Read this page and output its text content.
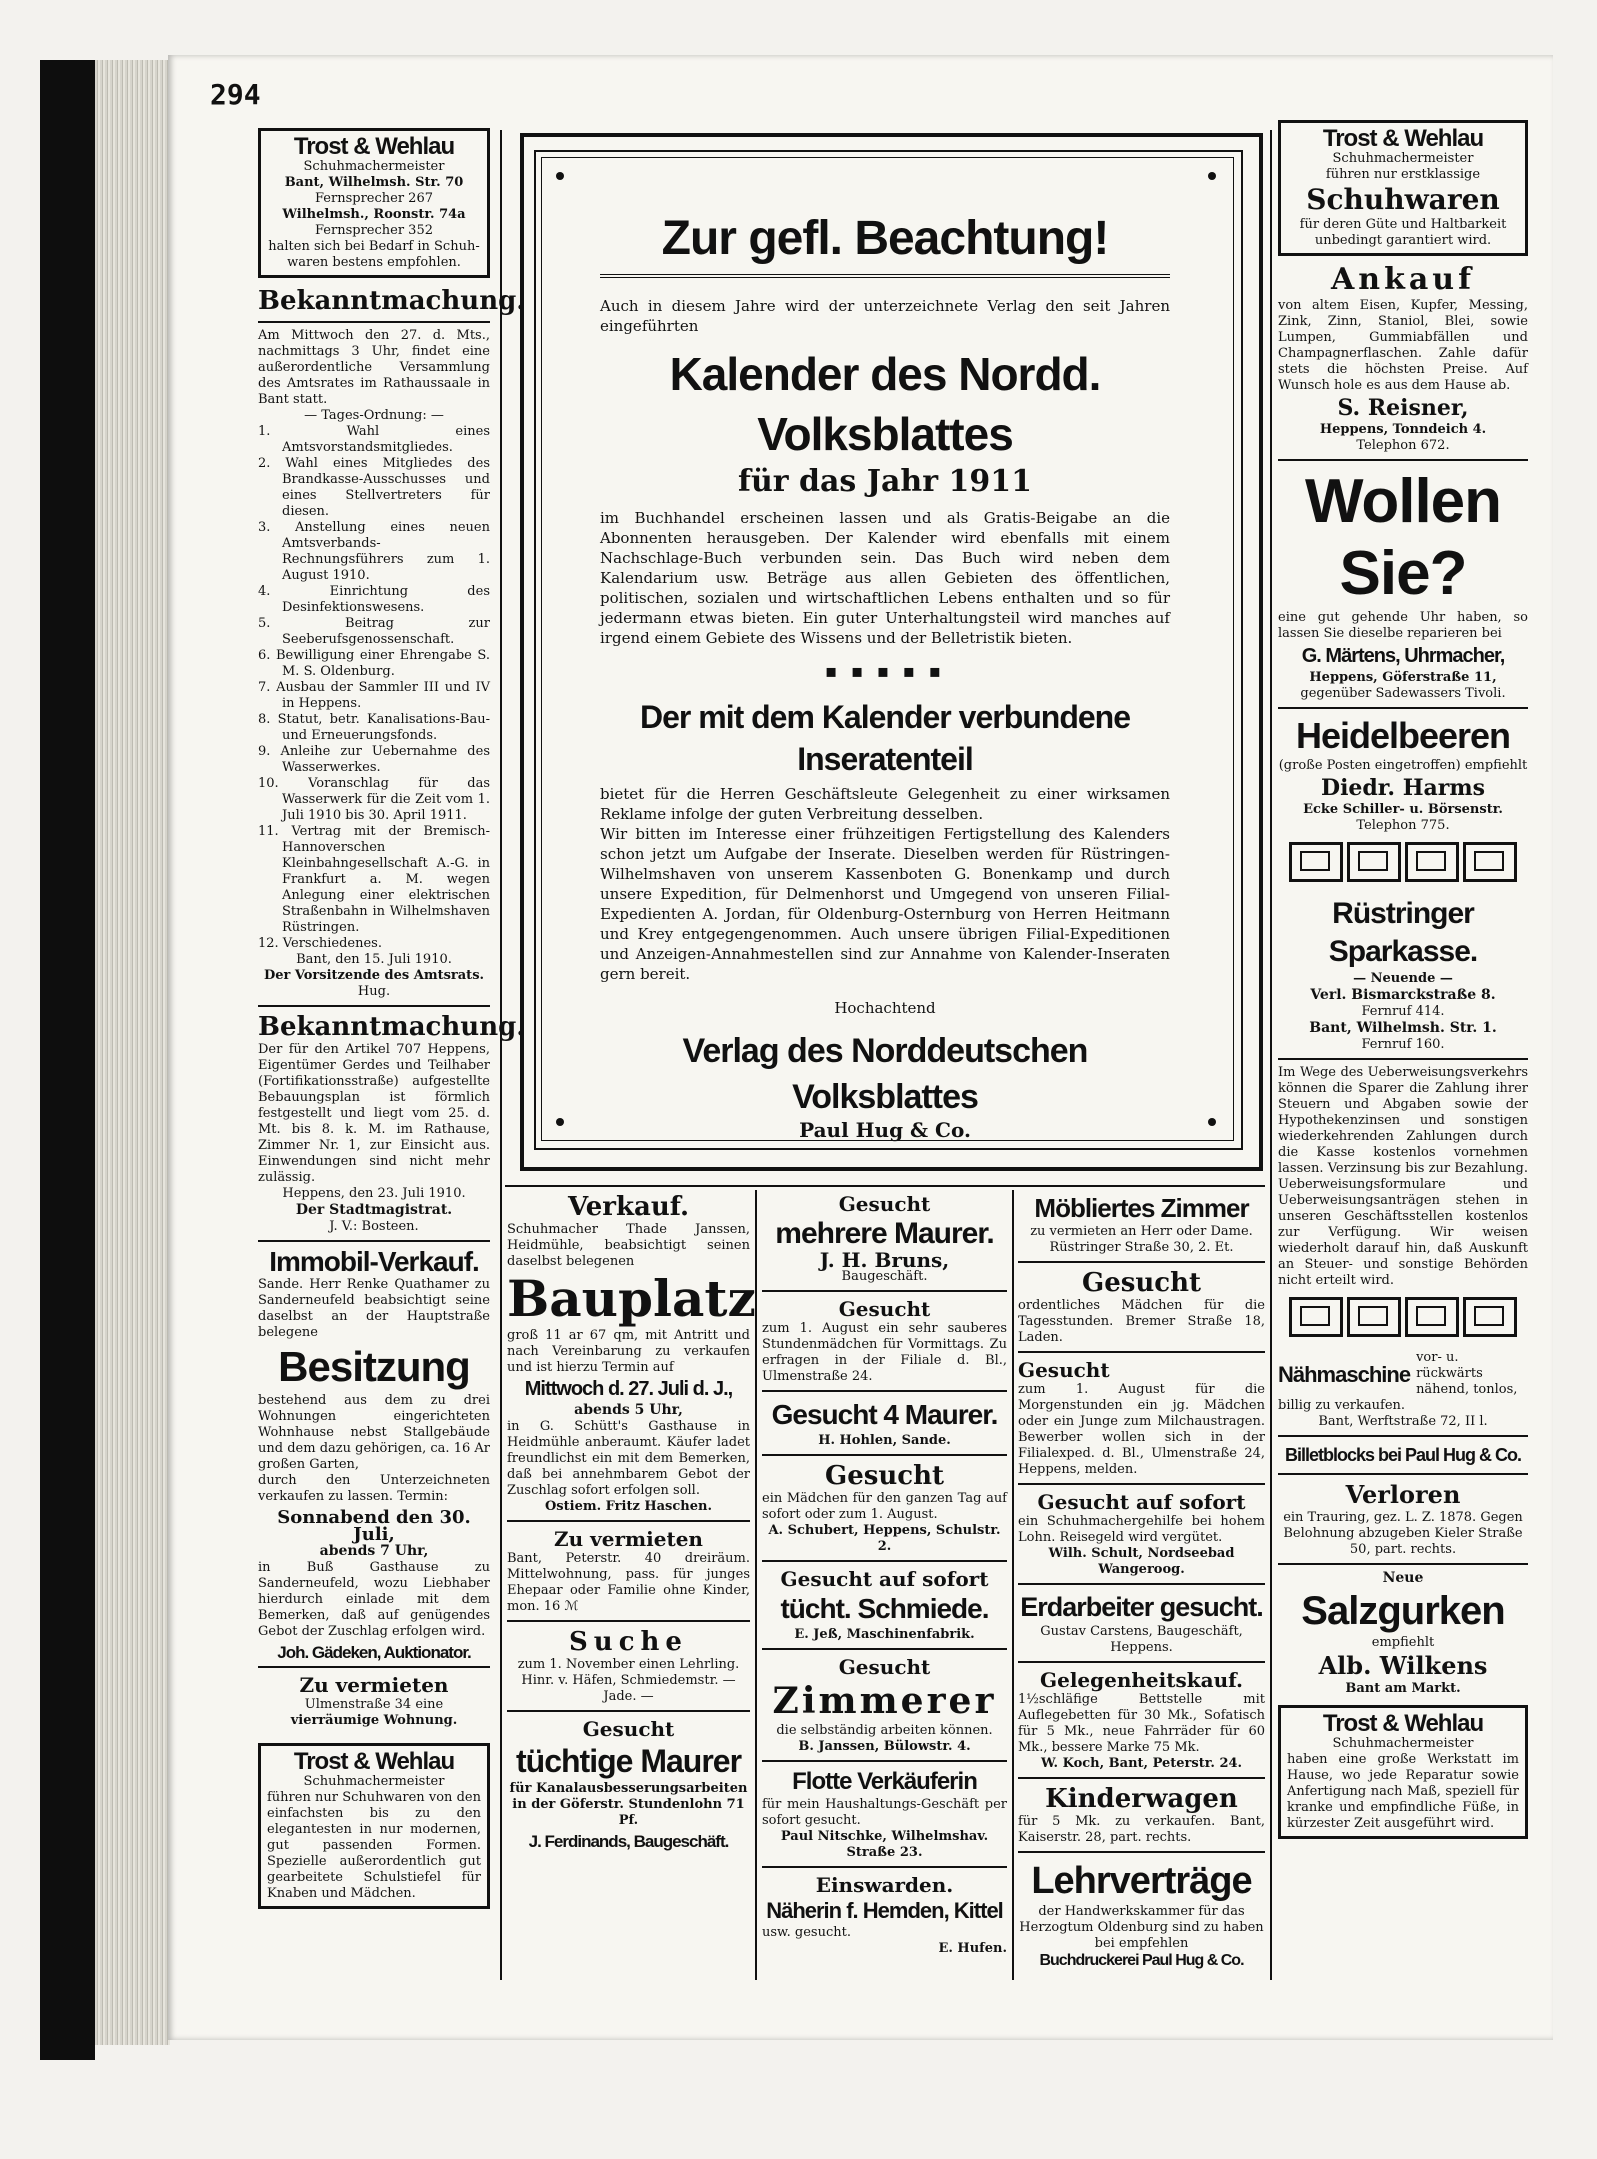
294
Trost & Wehlau
Schuhmachermeister
Bant, Wilhelmsh. Str. 70
Fernsprecher 267
Wilhelmsh., Roonstr. 74a
Fernsprecher 352
halten sich bei Bedarf in Schuh-
waren bestens empfohlen.
Bekanntmachung.
Am Mittwoch den 27. d. Mts., nachmittags 3 Uhr, findet eine außerordentliche Versammlung des Amtsrates im Rathaussaale in Bant statt.
— Tages-Ordnung: —

1. Wahl eines Amtsvorstandsmitgliedes.

2. Wahl eines Mitgliedes des Brandkasse-Ausschusses und eines Stellvertreters für diesen.

3. Anstellung eines neuen Amtsverbands-Rechnungsführers zum 1. August 1910.

4. Einrichtung des Desinfektionswesens.

5. Beitrag zur Seeberufsgenossenschaft.

6. Bewilligung einer Ehrengabe S. M. S. Oldenburg.

7. Ausbau der Sammler III und IV in Heppens.

8. Statut, betr. Kanalisations-Bau- und Erneuerungsfonds.

9. Anleihe zur Uebernahme des Wasserwerkes.

10. Voranschlag für das Wasserwerk für die Zeit vom 1. Juli 1910 bis 30. April 1911.

11. Vertrag mit der Bremisch-Hannoverschen Kleinbahngesellschaft A.-G. in Frankfurt a. M. wegen Anlegung einer elektrischen Straßenbahn in Wilhelmshaven Rüstringen.

12. Verschiedenes.

Bant, den 15. Juli 1910.
Der Vorsitzende des Amtsrats.
Hug.
Bekanntmachung.
Der für den Artikel 707 Heppens, Eigentümer Gerdes und Teilhaber (Fortifikationsstraße) aufgestellte Bebauungsplan ist förmlich festgestellt und liegt vom 25. d. Mt. bis 8. k. M. im Rathause, Zimmer Nr. 1, zur Einsicht aus. Einwendungen sind nicht mehr zulässig.
Heppens, den 23. Juli 1910.
Der Stadtmagistrat.
J. V.: Bosteen.
Immobil-Verkauf.
Sande. Herr Renke Quathamer zu Sanderneufeld beabsichtigt seine daselbst an der Hauptstraße belegene
Besitzung
bestehend aus dem zu drei Wohnungen eingerichteten Wohnhause nebst Stallgebäude und dem dazu gehörigen, ca. 16 Ar großen Garten,
durch den Unterzeichneten verkaufen zu lassen. Termin:
Sonnabend den 30. Juli,
abends 7 Uhr,
in Buß Gasthause zu Sanderneufeld, wozu Liebhaber hierdurch einlade mit dem Bemerken, daß auf genügendes Gebot der Zuschlag erfolgen wird.
Joh. Gädeken, Auktionator.
Zu vermieten
Ulmenstraße 34 eine
vierräumige Wohnung.
Trost & Wehlau
Schuhmachermeister
führen nur Schuhwaren von den einfachsten bis zu den elegantesten in nur modernen, gut passenden Formen. Spezielle außerordentlich gut gearbeitete Schulstiefel für Knaben und Mädchen.
Zur gefl. Beachtung!
Auch in diesem Jahre wird der unterzeichnete Verlag den seit Jahren eingeführten
Kalender des Nordd. Volksblattes
für das Jahr 1911
im Buchhandel erscheinen lassen und als Gratis-Beigabe an die Abonnenten herausgeben. Der Kalender wird ebenfalls mit einem Nachschlage-Buch verbunden sein. Das Buch wird neben dem Kalendarium usw. Beträge aus allen Gebieten des öffentlichen, politischen, sozialen und wirtschaftlichen Lebens enthalten und so für jedermann etwas bieten. Ein guter Unterhaltungsteil wird manches auf irgend einem Gebiete des Wissens und der Belletristik bieten.
▪ ▪ ▪ ▪ ▪
Der mit dem Kalender verbundene Inseratenteil
bietet für die Herren Geschäftsleute Gelegenheit zu einer wirksamen Reklame infolge der guten Verbreitung desselben.
Wir bitten im Interesse einer frühzeitigen Fertigstellung des Kalenders schon jetzt um Aufgabe der Inserate. Dieselben werden für Rüstringen-Wilhelmshaven von unserem Kassenboten G. Bonenkamp und durch unsere Expedition, für Delmenhorst und Umgegend von unseren Filial-Expedienten A. Jordan, für Oldenburg-Osternburg von Herren Heitmann und Krey entgegengenommen. Auch unsere übrigen Filial-Expeditionen und Anzeigen-Annahmestellen sind zur Annahme von Kalender-Inseraten gern bereit.
Hochachtend
Verlag des Norddeutschen Volksblattes
Paul Hug & Co.
Verkauf.
Schuhmacher Thade Janssen, Heidmühle, beabsichtigt seinen daselbst belegenen
Bauplatz
groß 11 ar 67 qm, mit Antritt und nach Vereinbarung zu verkaufen und ist hierzu Termin auf
Mittwoch d. 27. Juli d. J.,
abends 5 Uhr,
in G. Schütt's Gasthause in Heidmühle anberaumt. Käufer ladet freundlichst ein mit dem Bemerken, daß bei annehmbarem Gebot der Zuschlag sofort erfolgen soll.
Ostiem. Fritz Haschen.
Zu vermieten
Bant, Peterstr. 40 dreiräum. Mittelwohnung, pass. für junges Ehepaar oder Familie ohne Kinder, mon. 16 ℳ
Suche
zum 1. November einen Lehrling. Hinr. v. Häfen, Schmiedemstr. — Jade. —
Gesucht
tüchtige Maurer
für Kanalausbesserungsarbeiten in der Göferstr. Stundenlohn 71 Pf.
J. Ferdinands, Baugeschäft.
Gesucht
mehrere Maurer.
J. H. Bruns,
Baugeschäft.
Gesucht
zum 1. August ein sehr sauberes Stundenmädchen für Vormittags. Zu erfragen in der Filiale d. Bl., Ulmenstraße 24.
Gesucht 4 Maurer.
H. Hohlen, Sande.
Gesucht
ein Mädchen für den ganzen Tag auf sofort oder zum 1. August.
A. Schubert, Heppens, Schulstr. 2.
Gesucht auf sofort
tücht. Schmiede.
E. Jeß, Maschinenfabrik.
Gesucht
Zimmerer
die selbständig arbeiten können.
B. Janssen, Bülowstr. 4.
Flotte Verkäuferin
für mein Haushaltungs-Geschäft per sofort gesucht.
Paul Nitschke, Wilhelmshav. Straße 23.
Einswarden.
Näherin f. Hemden, Kittel
usw. gesucht.
E. Hufen.
Möbliertes Zimmer
zu vermieten an Herr oder Dame. Rüstringer Straße 30, 2. Et.
Gesucht
ordentliches Mädchen für die Tagesstunden. Bremer Straße 18, Laden.
Gesucht
zum 1. August für die Morgenstunden ein jg. Mädchen oder ein Junge zum Milchaustragen. Bewerber wollen sich in der Filialexped. d. Bl., Ulmenstraße 24, Heppens, melden.
Gesucht auf sofort
ein Schuhmachergehilfe bei hohem Lohn. Reisegeld wird vergütet.
Wilh. Schult, Nordseebad Wangeroog.
Erdarbeiter gesucht.
Gustav Carstens, Baugeschäft, Heppens.
Gelegenheitskauf.
1½schläfige Bettstelle mit Auflegebetten für 30 Mk., Sofatisch für 5 Mk., neue Fahrräder für 60 Mk., bessere Marke 75 Mk.
W. Koch, Bant, Peterstr. 24.
Kinderwagen
für 5 Mk. zu verkaufen. Bant, Kaiserstr. 28, part. rechts.
Lehrverträge
der Handwerkskammer für das Herzogtum Oldenburg sind zu haben bei empfehlen
Buchdruckerei Paul Hug & Co.
Trost & Wehlau
Schuhmachermeister
führen nur erstklassige
Schuhwaren
für deren Güte und Haltbarkeit unbedingt garantiert wird.
Ankauf
von altem Eisen, Kupfer, Messing, Zink, Zinn, Staniol, Blei, sowie Lumpen, Gummiabfällen und Champagnerflaschen. Zahle dafür stets die höchsten Preise. Auf Wunsch hole es aus dem Hause ab.
S. Reisner,
Heppens, Tonndeich 4.
Telephon 672.
Wollen Sie?
eine gut gehende Uhr haben, so lassen Sie dieselbe reparieren bei
G. Märtens, Uhrmacher,
Heppens, Göferstraße 11,
gegenüber Sadewassers Tivoli.
Heidelbeeren
(große Posten eingetroffen) empfiehlt
Diedr. Harms
Ecke Schiller- u. Börsenstr.
Telephon 775.
Rüstringer Sparkasse.
— Neuende —
Verl. Bismarckstraße 8.
Fernruf 414.
Bant, Wilhelmsh. Str. 1.
Fernruf 160.
Im Wege des Ueberweisungsverkehrs können die Sparer die Zahlung ihrer Steuern und Abgaben sowie der Hypothekenzinsen und sonstigen wiederkehrenden Zahlungen durch die Kasse kostenlos vornehmen lassen. Verzinsung bis zur Bezahlung. Ueberweisungsformulare und Ueberweisungsanträgen stehen in unseren Geschäftsstellen kostenlos zur Verfügung. Wir weisen wiederholt darauf hin, daß Auskunft an Steuer- und sonstige Behörden nicht erteilt wird.
Nähmaschine
vor- u. rückwärts nähend, tonlos,
billig zu verkaufen.
Bant, Werftstraße 72, II l.
Billetblocks bei Paul Hug & Co.
Verloren
ein Trauring, gez. L. Z. 1878. Gegen Belohnung abzugeben Kieler Straße 50, part. rechts.
Neue
Salzgurken
empfiehlt
Alb. Wilkens
Bant am Markt.
Trost & Wehlau
Schuhmachermeister
haben eine große Werkstatt im Hause, wo jede Reparatur sowie Anfertigung nach Maß, speziell für kranke und empfindliche Füße, in kürzester Zeit ausgeführt wird.
